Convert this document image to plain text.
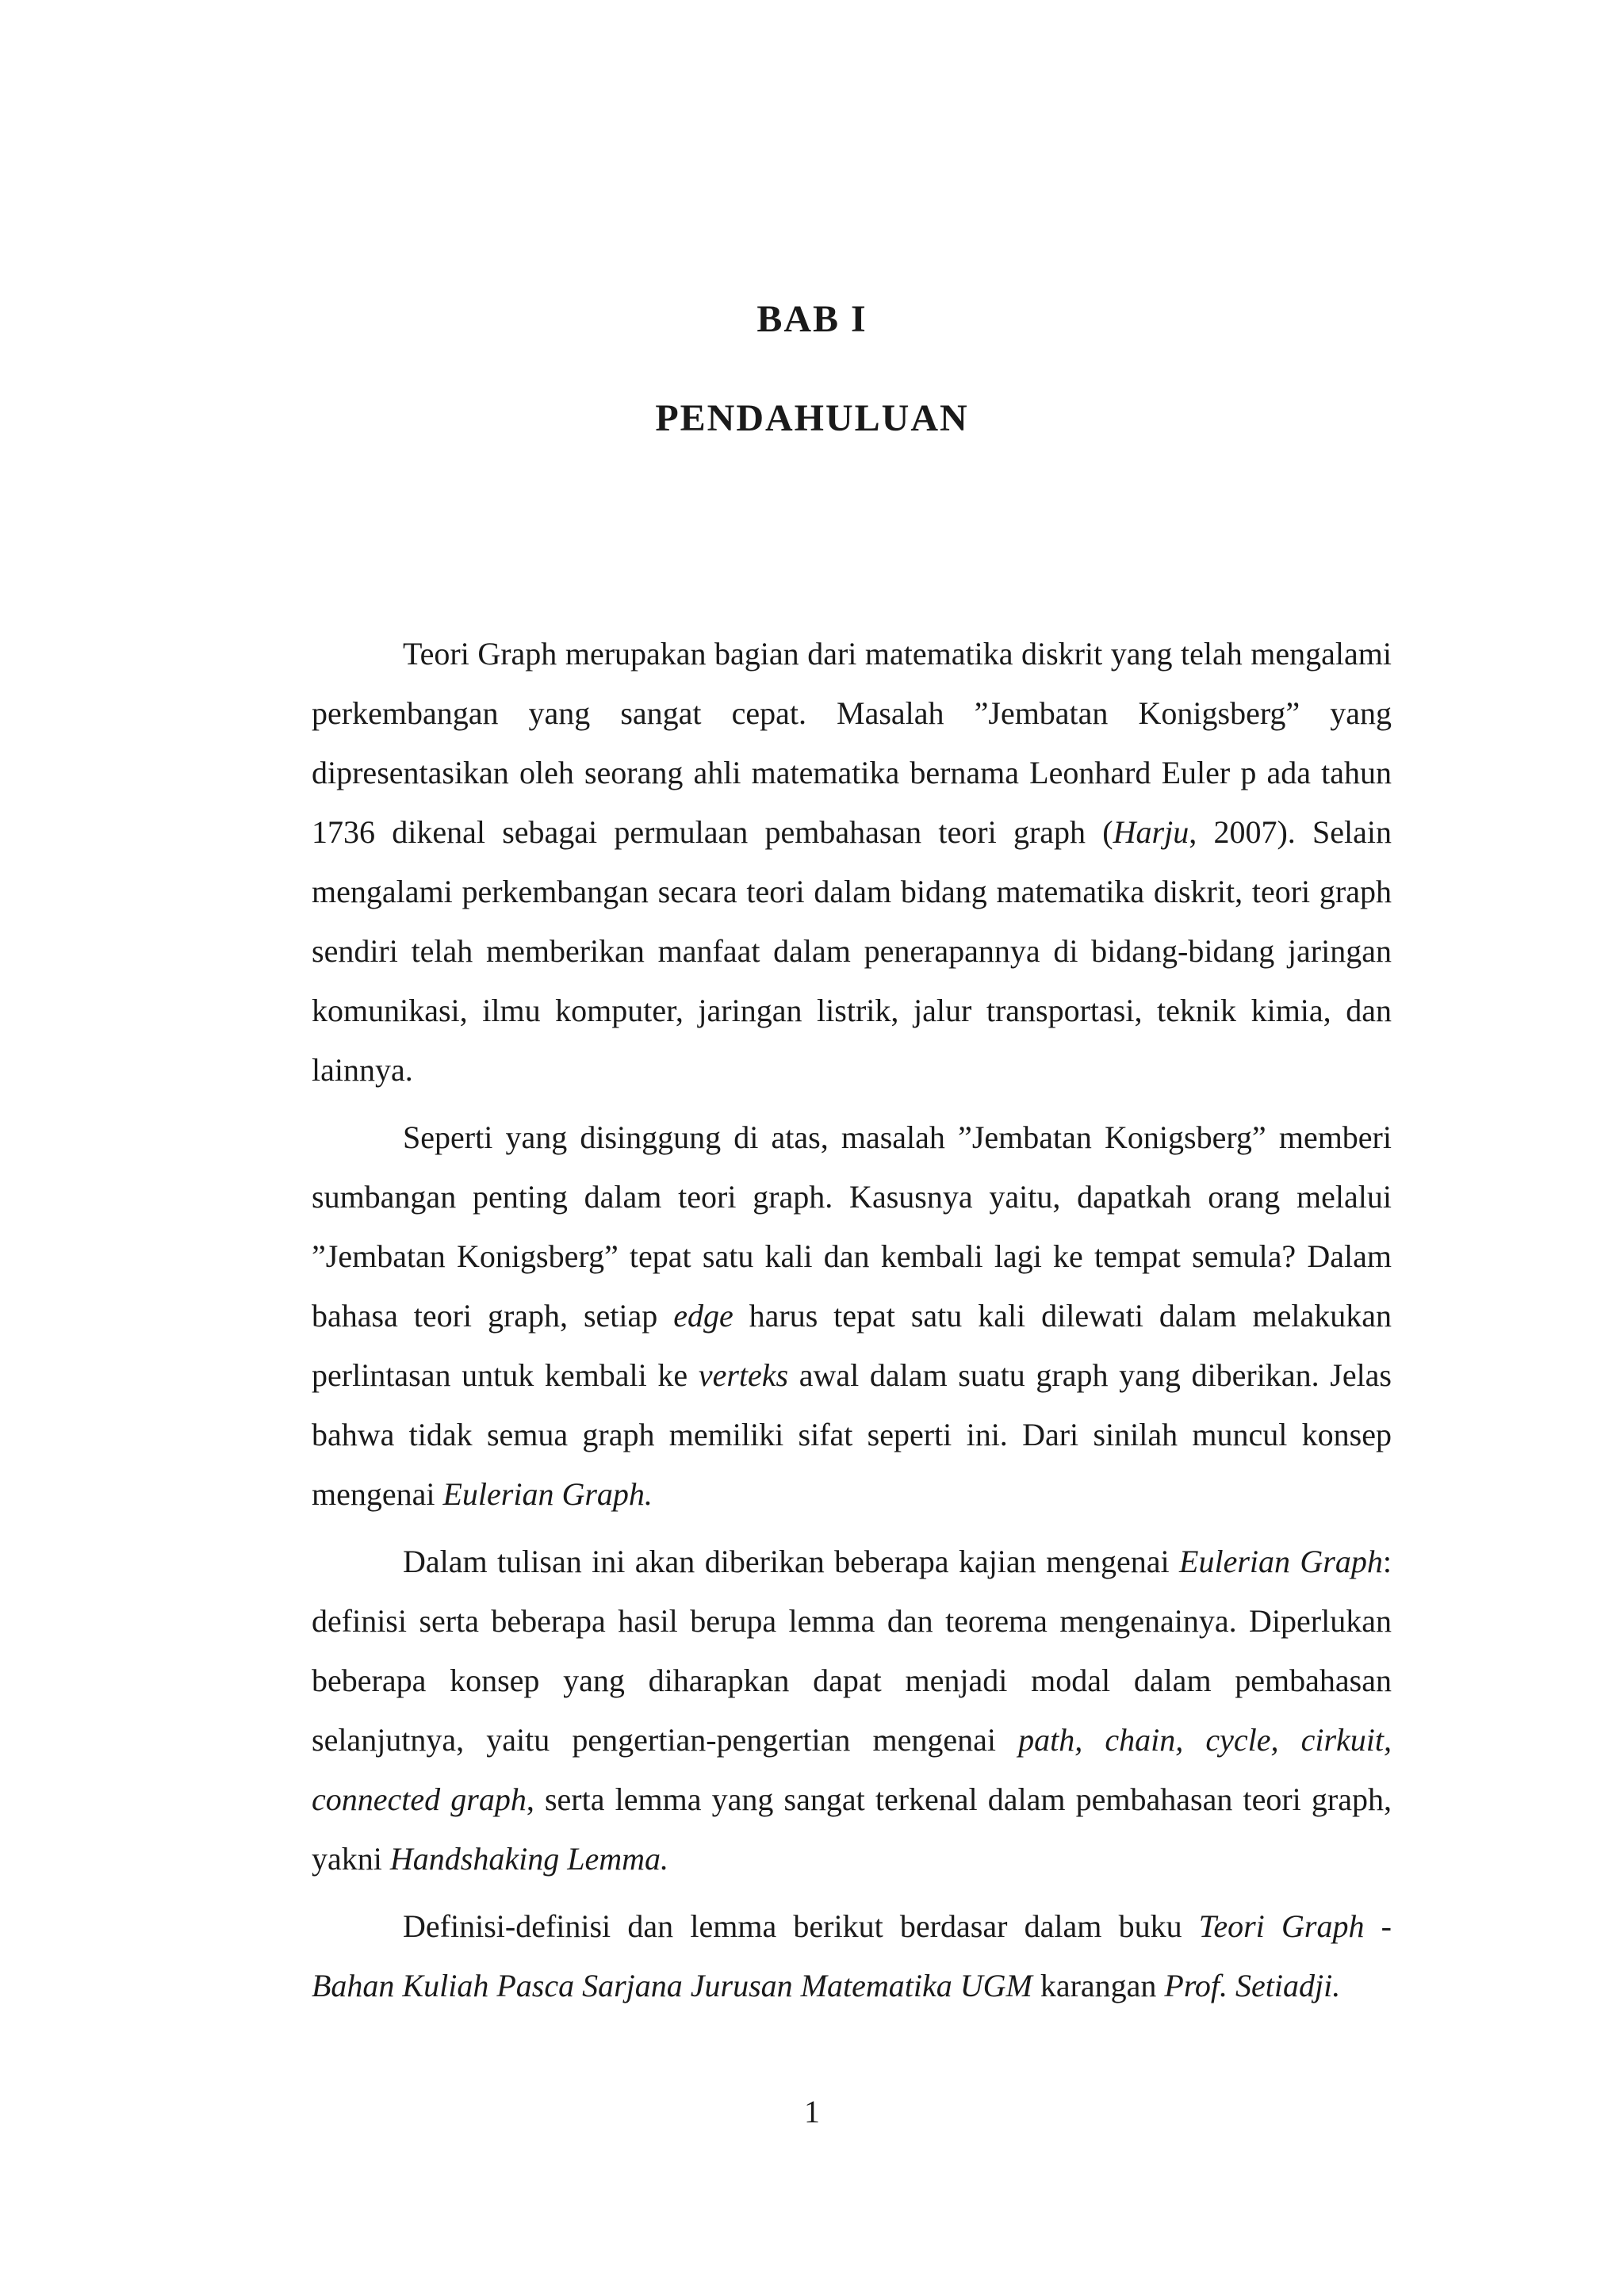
BAB I
PENDAHULUAN

Teori Graph merupakan bagian dari matematika diskrit yang telah mengalami perkembangan yang sangat cepat. Masalah ”Jembatan Konigsberg” yang dipresentasikan oleh seorang ahli matematika bernama Leonhard Euler p ada tahun 1736 dikenal sebagai permulaan pembahasan teori graph (Harju, 2007). Selain mengalami perkembangan secara teori dalam bidang matematika diskrit, teori graph sendiri telah memberikan manfaat dalam penerapannya di bidang-bidang jaringan komunikasi, ilmu komputer, jaringan listrik, jalur transportasi, teknik kimia, dan lainnya.

Seperti yang disinggung di atas, masalah ”Jembatan Konigsberg” memberi sumbangan penting dalam teori graph. Kasusnya yaitu, dapatkah orang melalui ”Jembatan Konigsberg” tepat satu kali dan kembali lagi ke tempat semula? Dalam bahasa teori graph, setiap edge harus tepat satu kali dilewati dalam melakukan perlintasan untuk kembali ke verteks awal dalam suatu graph yang diberikan. Jelas bahwa tidak semua graph memiliki sifat seperti ini. Dari sinilah muncul konsep mengenai Eulerian Graph.

Dalam tulisan ini akan diberikan beberapa kajian mengenai Eulerian Graph: definisi serta beberapa hasil berupa lemma dan teorema mengenainya. Diperlukan beberapa konsep yang diharapkan dapat menjadi modal dalam pembahasan selanjutnya, yaitu pengertian-pengertian mengenai path, chain, cycle, cirkuit, connected graph, serta lemma yang sangat terkenal dalam pembahasan teori graph, yakni Handshaking Lemma.

Definisi-definisi dan lemma berikut berdasar dalam buku Teori Graph - Bahan Kuliah Pasca Sarjana Jurusan Matematika UGM karangan Prof. Setiadji.

1
